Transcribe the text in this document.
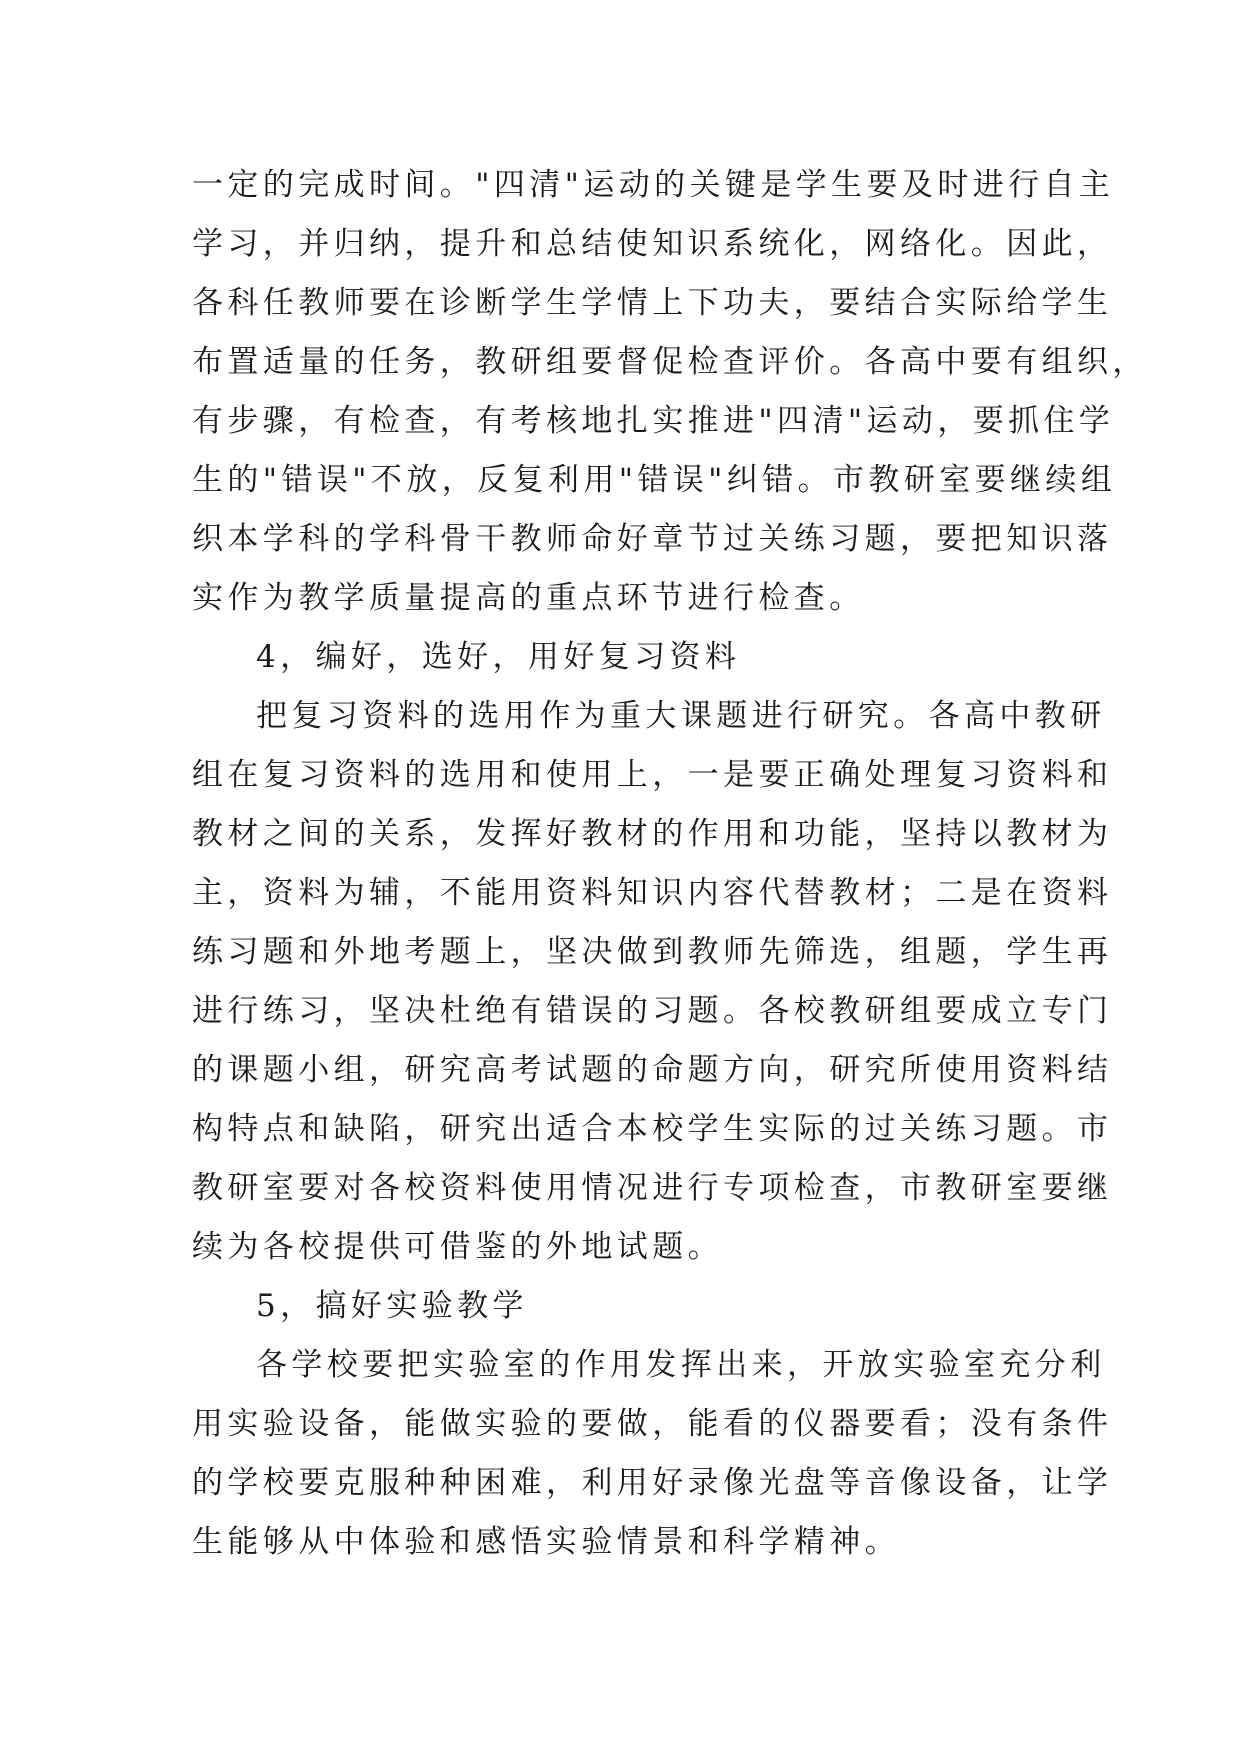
一定的完成时间。"四清"运动的关键是学生要及时进行自主
学习，并归纳，提升和总结使知识系统化，网络化。因此，
各科任教师要在诊断学生学情上下功夫，要结合实际给学生
布置适量的任务，教研组要督促检查评价。各高中要有组织，
有步骤，有检查，有考核地扎实推进"四清"运动，要抓住学
生的"错误"不放，反复利用"错误"纠错。市教研室要继续组
织本学科的学科骨干教师命好章节过关练习题，要把知识落
实作为教学质量提高的重点环节进行检查。
4，编好，选好，用好复习资料
把复习资料的选用作为重大课题进行研究。各高中教研
组在复习资料的选用和使用上，一是要正确处理复习资料和
教材之间的关系，发挥好教材的作用和功能，坚持以教材为
主，资料为辅，不能用资料知识内容代替教材；二是在资料
练习题和外地考题上，坚决做到教师先筛选，组题，学生再
进行练习，坚决杜绝有错误的习题。各校教研组要成立专门
的课题小组，研究高考试题的命题方向，研究所使用资料结
构特点和缺陷，研究出适合本校学生实际的过关练习题。市
教研室要对各校资料使用情况进行专项检查，市教研室要继
续为各校提供可借鉴的外地试题。
5，搞好实验教学
各学校要把实验室的作用发挥出来，开放实验室充分利
用实验设备，能做实验的要做，能看的仪器要看；没有条件
的学校要克服种种困难，利用好录像光盘等音像设备，让学
生能够从中体验和感悟实验情景和科学精神。
